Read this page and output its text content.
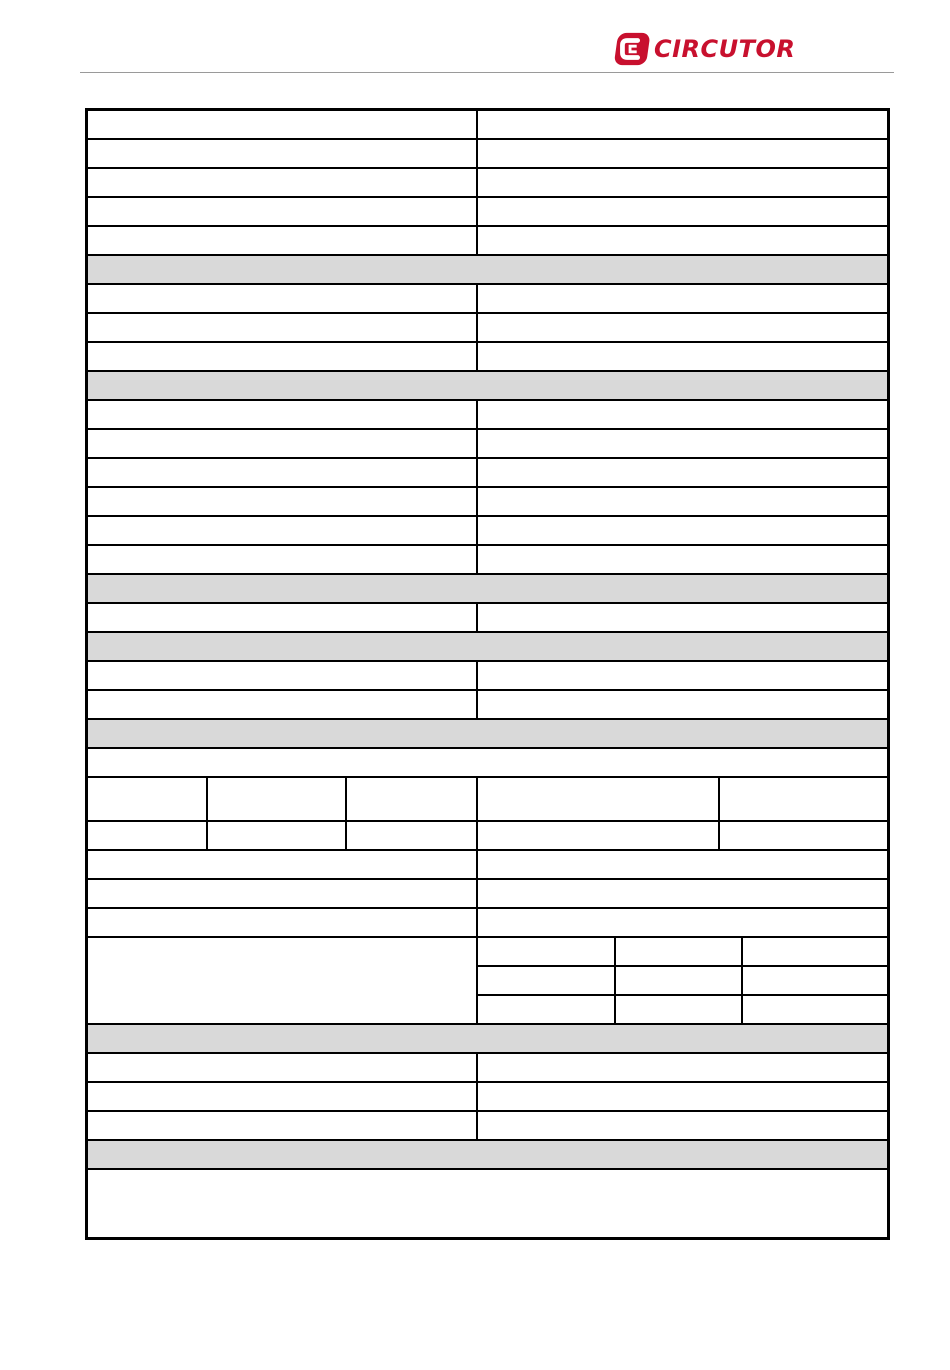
CIRCUTOR
